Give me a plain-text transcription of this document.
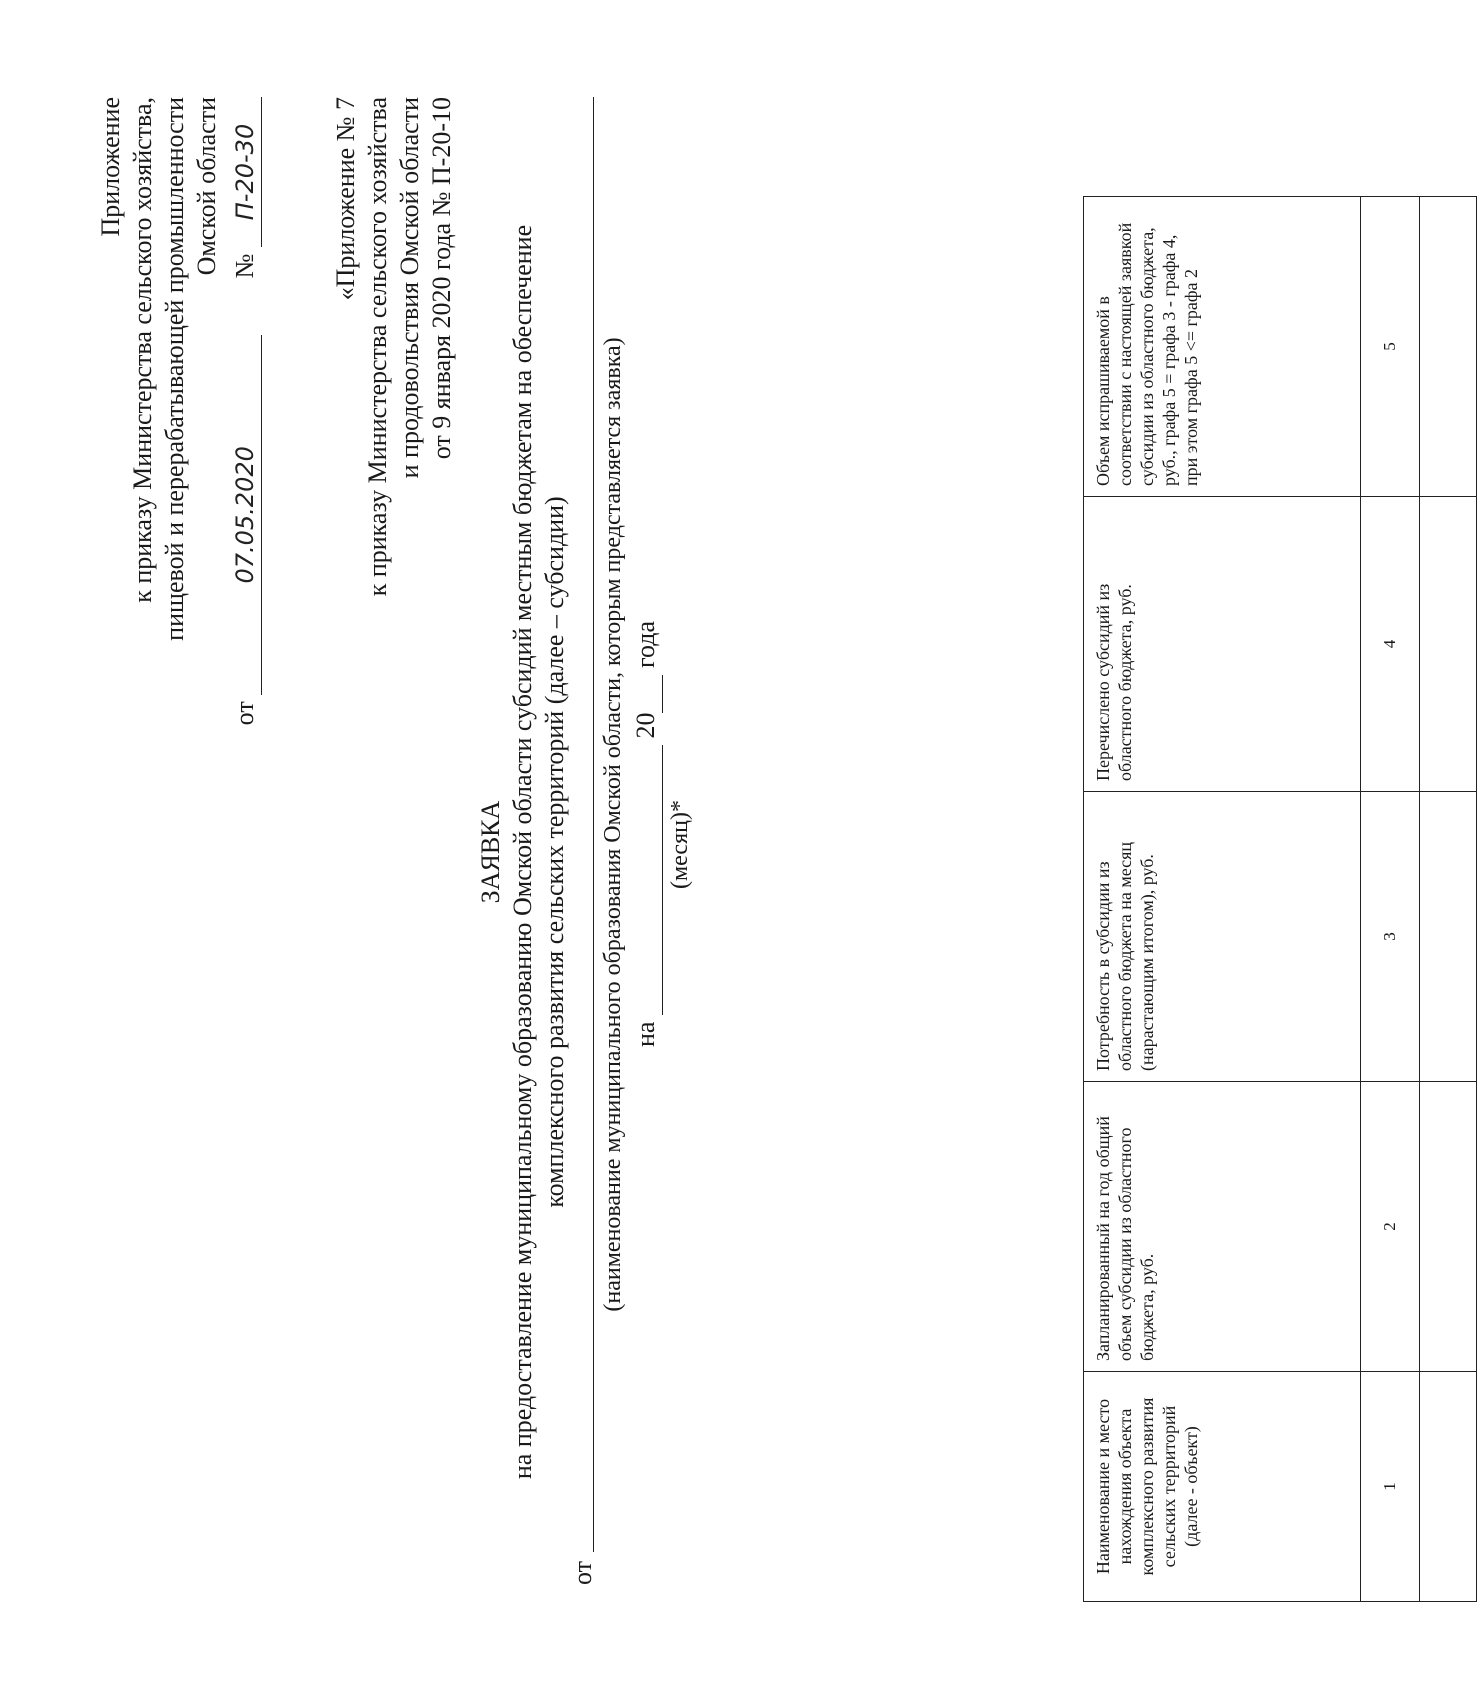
Приложение к приказу Министерства сельского хозяйства, пищевой и перерабатывающей промышленности Омской области
от 07.05.2020 № П-20-30	«Приложение № 7 к приказу Министерства сельского хозяйства и продовольствия Омской области от 9 января 2020 года № П-20-10
ЗАЯВКА на предоставление муниципальному образованию Омской области субсидий местным бюджетам на обеспечение комплексного развития сельских территорий (далее – субсидии)
от
(наименование муниципального образования Омской области, которым представляется заявка) на   20  года
(месяц)*
Наименование и место нахождения объекта комплексного развития сельских территорий (далее - объект)	Запланированный на год общий объем субсидии из областного бюджета, руб.	Потребность в субсидии из областного бюджета на месяц (нарастающим итогом), руб.	Перечислено субсидий из областного бюджета, руб.	Объем испрашиваемой в соответствии с настоящей заявкой субсидии из областного бюджета, руб., графа 5 = графа 3 - графа 4, при этом графа 5 <= графа 2
1	2	3	4	5
